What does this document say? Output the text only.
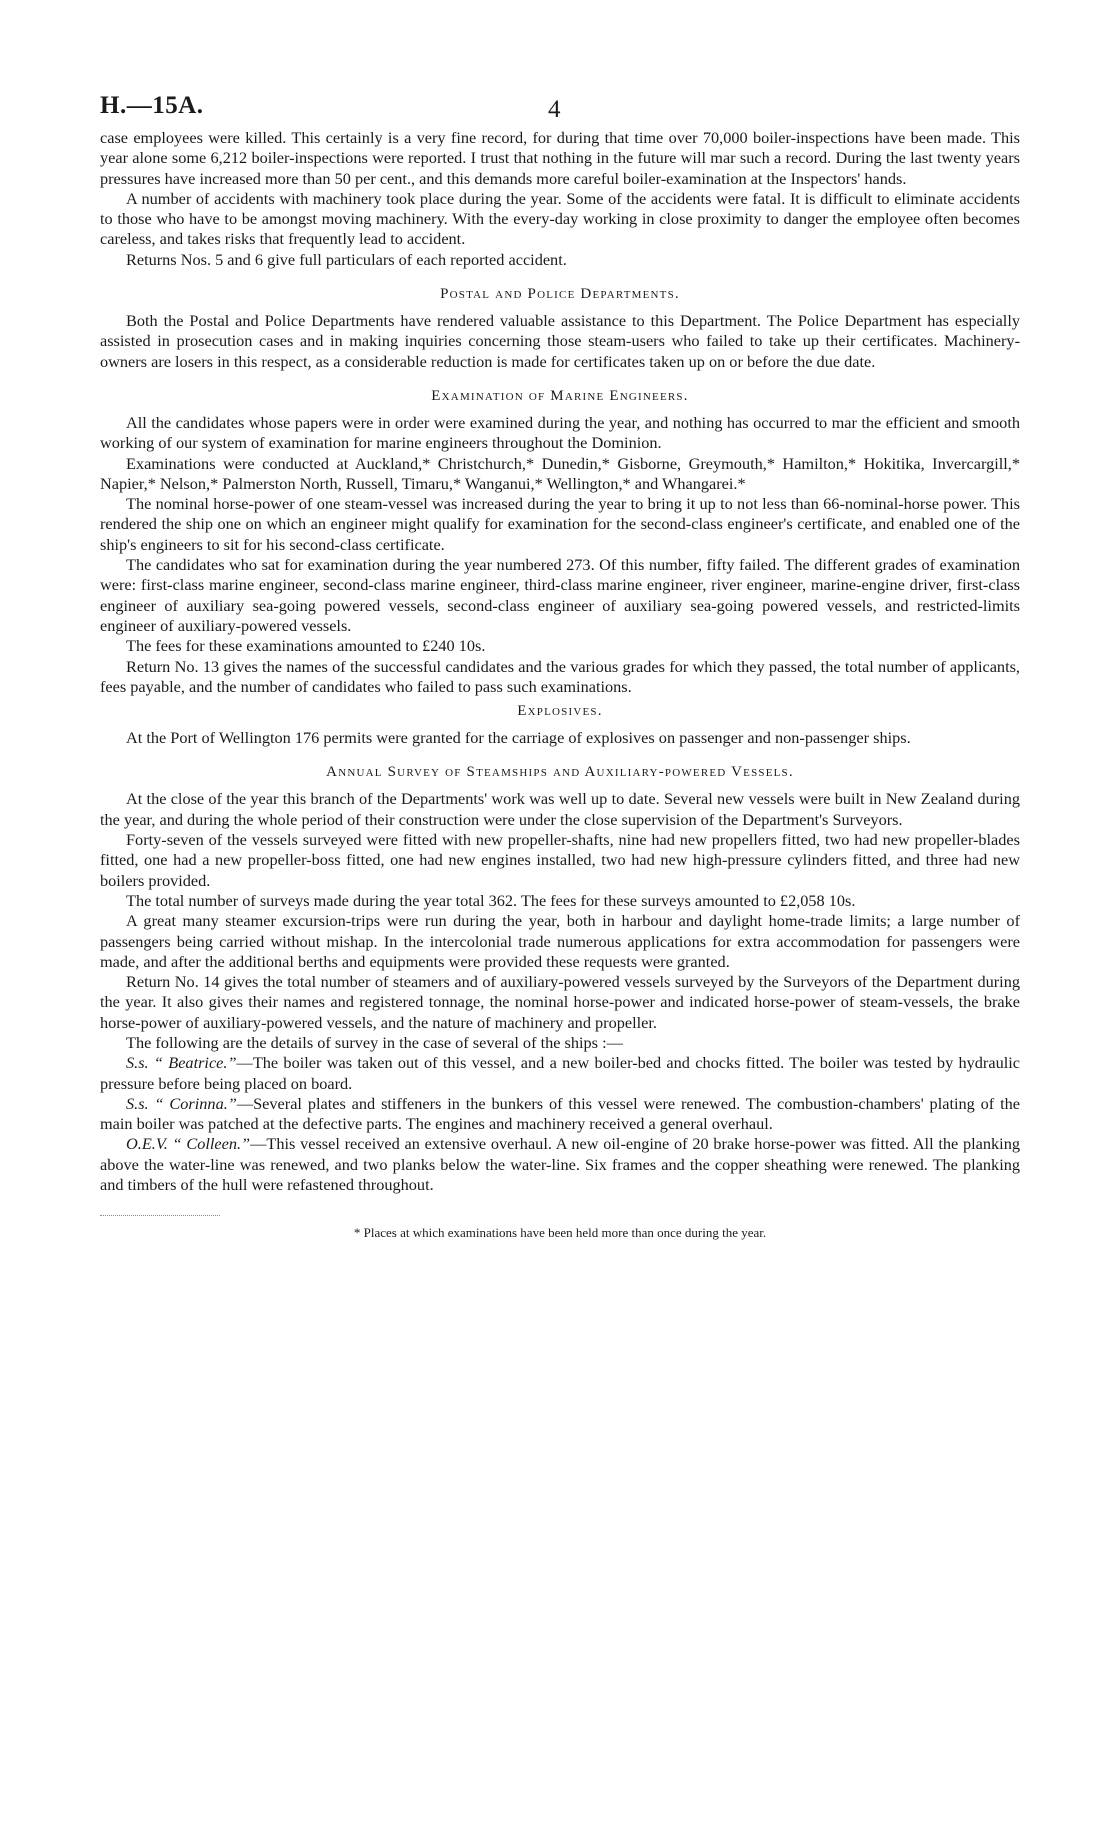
H.—15A.	4

case employees were killed. This certainly is a very fine record, for during that time over 70,000 boiler-inspections have been made. This year alone some 6,212 boiler-inspections were reported. I trust that nothing in the future will mar such a record. During the last twenty years pressures have increased more than 50 per cent., and this demands more careful boiler-examination at the Inspectors' hands.

A number of accidents with machinery took place during the year. Some of the accidents were fatal. It is difficult to eliminate accidents to those who have to be amongst moving machinery. With the every-day working in close proximity to danger the employee often becomes careless, and takes risks that frequently lead to accident.

Returns Nos. 5 and 6 give full particulars of each reported accident.

Postal and Police Departments.

Both the Postal and Police Departments have rendered valuable assistance to this Department. The Police Department has especially assisted in prosecution cases and in making inquiries concerning those steam-users who failed to take up their certificates. Machinery-owners are losers in this respect, as a considerable reduction is made for certificates taken up on or before the due date.

Examination of Marine Engineers.

All the candidates whose papers were in order were examined during the year, and nothing has occurred to mar the efficient and smooth working of our system of examination for marine engineers throughout the Dominion.

Examinations were conducted at Auckland,* Christchurch,* Dunedin,* Gisborne, Greymouth,* Hamilton,* Hokitika, Invercargill,* Napier,* Nelson,* Palmerston North, Russell, Timaru,* Wanganui,* Wellington,* and Whangarei.*

The nominal horse-power of one steam-vessel was increased during the year to bring it up to not less than 66-nominal-horse power. This rendered the ship one on which an engineer might qualify for examination for the second-class engineer's certificate, and enabled one of the ship's engineers to sit for his second-class certificate.

The candidates who sat for examination during the year numbered 273. Of this number, fifty failed. The different grades of examination were: first-class marine engineer, second-class marine engineer, third-class marine engineer, river engineer, marine-engine driver, first-class engineer of auxiliary sea-going powered vessels, second-class engineer of auxiliary sea-going powered vessels, and restricted-limits engineer of auxiliary-powered vessels.

The fees for these examinations amounted to £240 10s.

Return No. 13 gives the names of the successful candidates and the various grades for which they passed, the total number of applicants, fees payable, and the number of candidates who failed to pass such examinations.

Explosives.

At the Port of Wellington 176 permits were granted for the carriage of explosives on passenger and non-passenger ships.

Annual Survey of Steamships and Auxiliary-powered Vessels.

At the close of the year this branch of the Departments' work was well up to date. Several new vessels were built in New Zealand during the year, and during the whole period of their construction were under the close supervision of the Department's Surveyors.

Forty-seven of the vessels surveyed were fitted with new propeller-shafts, nine had new propellers fitted, two had new propeller-blades fitted, one had a new propeller-boss fitted, one had new engines installed, two had new high-pressure cylinders fitted, and three had new boilers provided.

The total number of surveys made during the year total 362. The fees for these surveys amounted to £2,058 10s.

A great many steamer excursion-trips were run during the year, both in harbour and daylight home-trade limits; a large number of passengers being carried without mishap. In the intercolonial trade numerous applications for extra accommodation for passengers were made, and after the additional berths and equipments were provided these requests were granted.

Return No. 14 gives the total number of steamers and of auxiliary-powered vessels surveyed by the Surveyors of the Department during the year. It also gives their names and registered tonnage, the nominal horse-power and indicated horse-power of steam-vessels, the brake horse-power of auxiliary-powered vessels, and the nature of machinery and propeller.

The following are the details of survey in the case of several of the ships :—

S.s. “ Beatrice.”—The boiler was taken out of this vessel, and a new boiler-bed and chocks fitted. The boiler was tested by hydraulic pressure before being placed on board.

S.s. “ Corinna.”—Several plates and stiffeners in the bunkers of this vessel were renewed. The combustion-chambers' plating of the main boiler was patched at the defective parts. The engines and machinery received a general overhaul.

O.E.V. “ Colleen.”—This vessel received an extensive overhaul. A new oil-engine of 20 brake horse-power was fitted. All the planking above the water-line was renewed, and two planks below the water-line. Six frames and the copper sheathing were renewed. The planking and timbers of the hull were refastened throughout.

* Places at which examinations have been held more than once during the year.
